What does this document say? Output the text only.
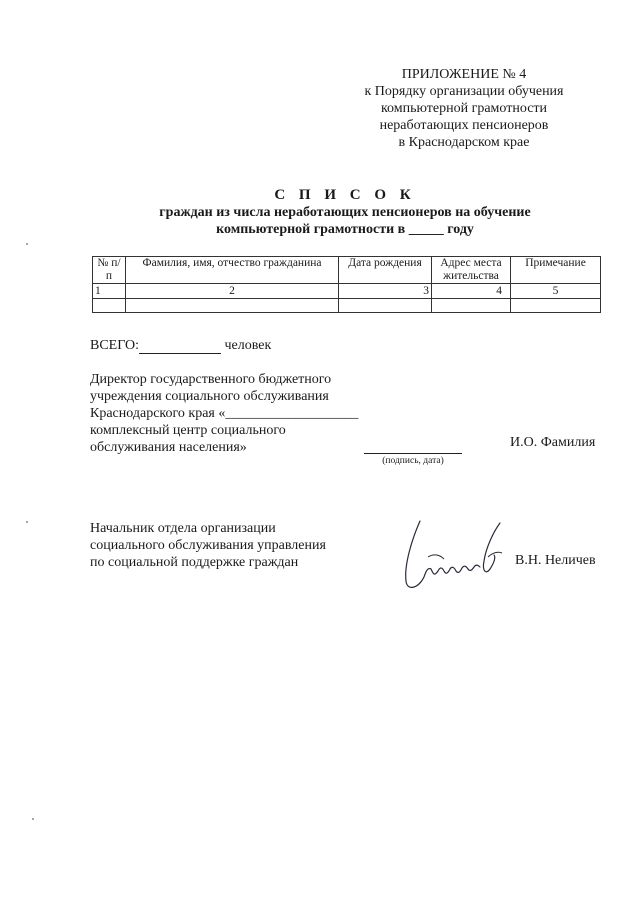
ПРИЛОЖЕНИЕ № 4
к Порядку организации обучения
компьютерной грамотности
неработающих пенсионеров
в Краснодарском крае
С П И С О К
граждан из числа неработающих пенсионеров на обучение
компьютерной грамотности в _____ году
№ п/п	Фамилия, имя, отчество гражданина	Дата рождения	Адрес места жительства	Примечание
1	2	3	4	5

ВСЕГО:	человек
Директор государственного бюджетного
учреждения социального обслуживания
Краснодарского края «___________________
комплексный центр социального
обслуживания населения»
(подпись, дата)
И.О. Фамилия
Начальник отдела организации
социального обслуживания управления
по социальной поддержке граждан	В.Н. Неличев
